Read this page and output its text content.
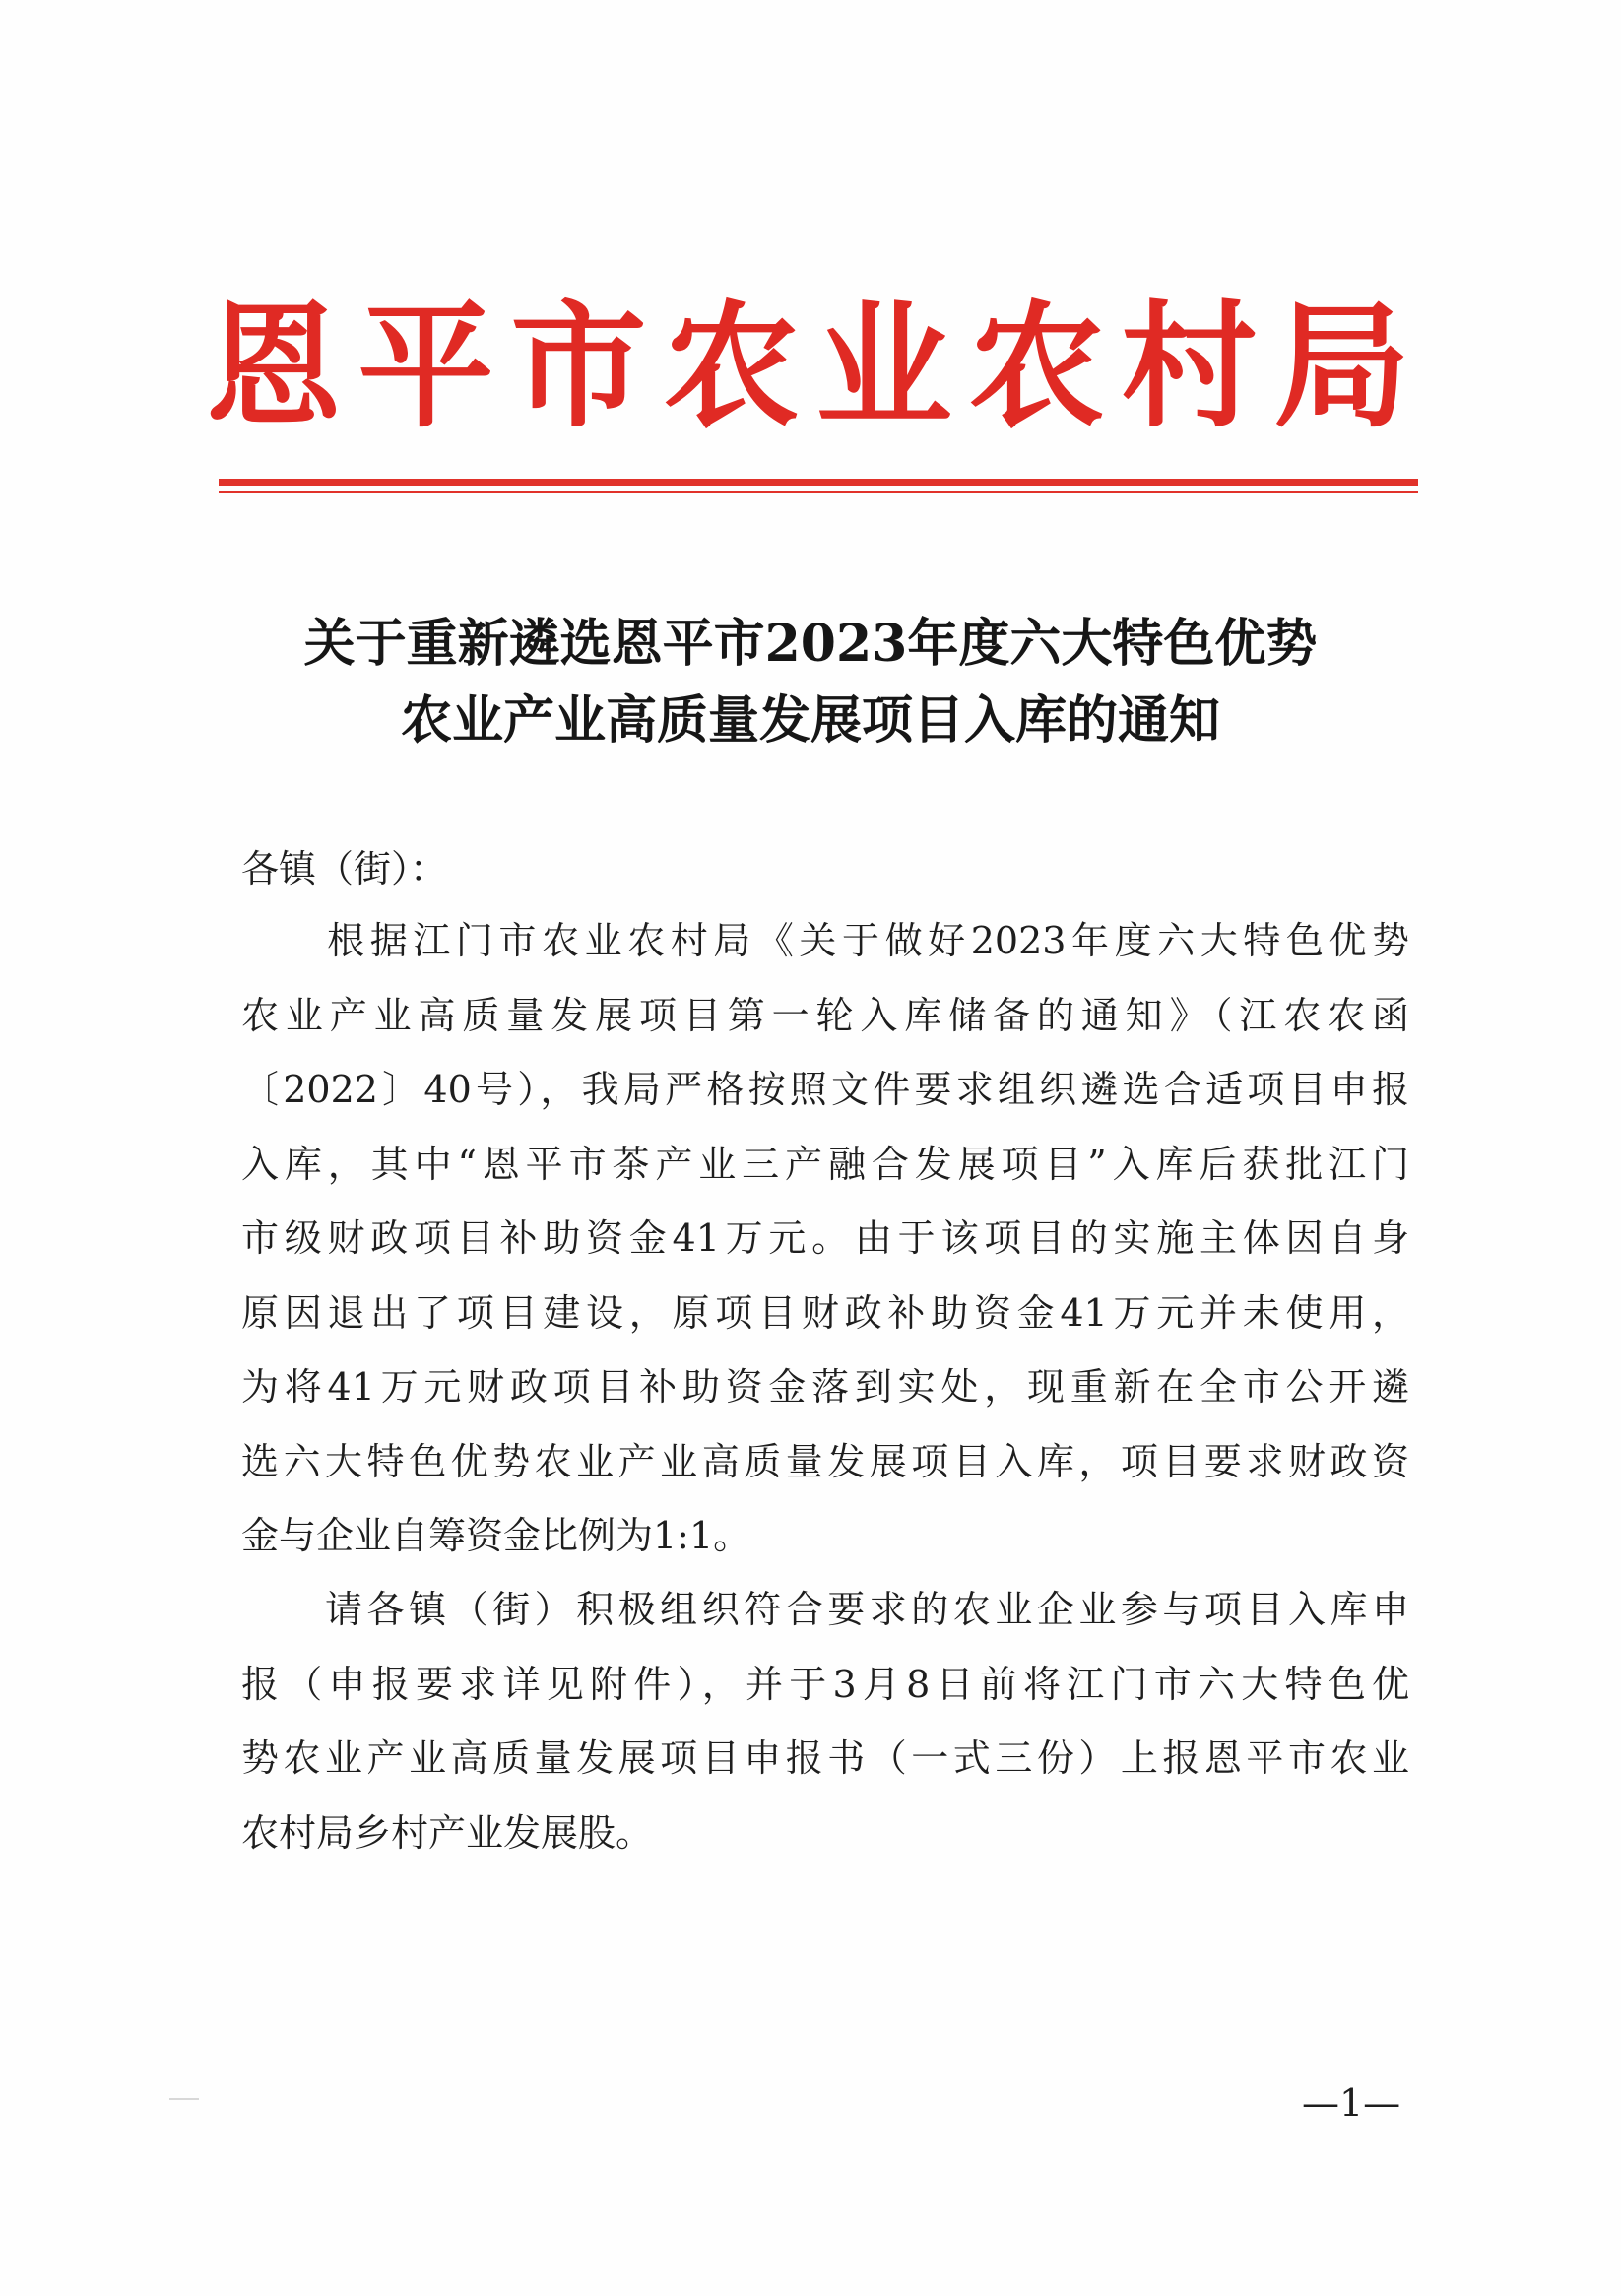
恩 平 市 农 业 农 村 局
关于重新遴选恩平市2023年度六大特色优势
农业产业高质量发展项目入库的通知
各镇（街）：
　　根据江门市农业农村局《关于做好2023年度六大特色优势
农业产业高质量发展项目第一轮入库储备的通知》（江农农函
〔2022〕40号），我局严格按照文件要求组织遴选合适项目申报
入库，其中“恩平市茶产业三产融合发展项目”入库后获批江门
市级财政项目补助资金41万元。由于该项目的实施主体因自身
原因退出了项目建设，原项目财政补助资金41万元并未使用，
为将41万元财政项目补助资金落到实处，现重新在全市公开遴
选六大特色优势农业产业高质量发展项目入库，项目要求财政资
金与企业自筹资金比例为1:1。
　　请各镇（街）积极组织符合要求的农业企业参与项目入库申
报（申报要求详见附件），并于3月8日前将江门市六大特色优
势农业产业高质量发展项目申报书（一式三份）上报恩平市农业
农村局乡村产业发展股。
—1—
